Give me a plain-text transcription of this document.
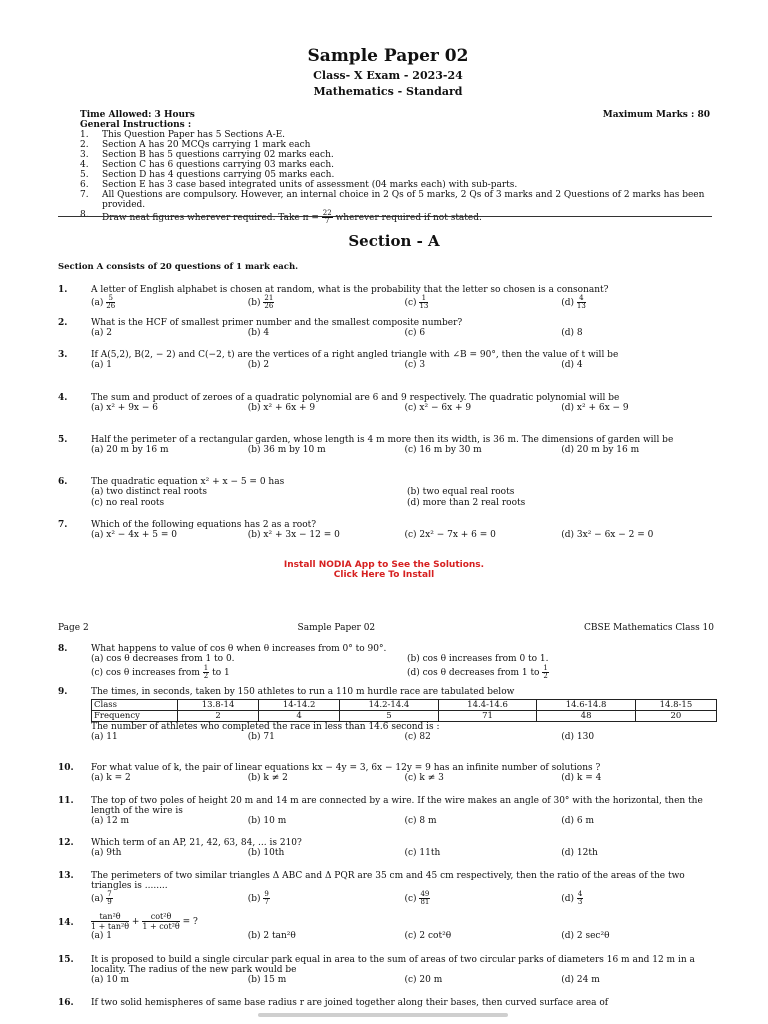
Sample Paper 02
Class- X Exam - 2023-24
Mathematics - Standard
Time Allowed: 3 Hours	Maximum Marks : 80
General Instructions :
1.	This Question Paper has 5 Sections A-E.
2.	Section A has 20 MCQs carrying 1 mark each
3.	Section B has 5 questions carrying 02 marks each.
4.	Section C has 6 questions carrying 03 marks each.
5.	Section D has 4 questions carrying 05 marks each.
6.	Section E has 3 case based integrated units of assessment (04 marks each) with sub-parts.
7.	All Questions are compulsory. However, an internal choice in 2 Qs of 5 marks, 2 Qs of 3 marks and 2 Questions of 2 marks has been provided.
8.	Draw neat figures wherever required. Take $\pi = \frac{22}{7}$ wherever required if not stated.
Section - A
Section A consists of 20 questions of 1 mark each.
1.	A letter of English alphabet is chosen at random, what is the probability that the letter so chosen is a consonant?
$(a) \frac{5}{26}$	$(b) \frac{21}{26}$	$(c) \frac{1}{13}$	$(d) \frac{4}{13}$
2.	What is the HCF of smallest primer number and the smallest composite number?
(a) 2	(b) 4	(c) 6	(d) 8
3.	If A(5,2), B(2, − 2) and C(−2, t) are the vertices of a right angled triangle with ∠B = 90°, then the value of t will be
(a) 1	(b) 2	(c) 3	(d) 4
4.	The sum and product of zeroes of a quadratic polynomial are 6 and 9 respectively. The quadratic polynomial will be
(a) x² + 9x − 6	(b) x² + 6x + 9	(c) x² − 6x + 9	(d) x² + 6x − 9
5.	Half the perimeter of a rectangular garden, whose length is 4 m more then its width, is 36 m. The dimensions of garden will be
(a) 20 m by 16 m	(b) 36 m by 10 m	(c) 16 m by 30 m	(d) 20 m by 16 m
6.	The quadratic equation x² + x − 5 = 0 has
(a) two distinct real roots	(b) two equal real roots
(c) no real roots	(d) more than 2 real roots
7.	Which of the following equations has 2 as a root?
(a) x² − 4x + 5 = 0	(b) x² + 3x − 12 = 0	(c) 2x² − 7x + 6 = 0	(d) 3x² − 6x − 2 = 0
Install NODIA App to See the Solutions.
Click Here To Install
Page 2	Sample Paper 02	CBSE Mathematics Class 10
8.	What happens to value of cos θ when θ increases from 0° to 90°.
(a) cos θ decreases from 1 to 0.	(b) cos θ increases from 0 to 1.
(c) cos θ increases from $\frac{1}{2}$ to 1	(d) cos θ decreases from 1 to $\frac{1}{2}$
9.	The times, in seconds, taken by 150 athletes to run a 110 m hurdle race are tabulated below
Class	13.8-14	14-14.2	14.2-14.4	14.4-14.6	14.6-14.8	14.8-15
Frequency	2	4	5	71	48	20
The number of athletes who completed the race in less than 14.6 second is :
(a) 11	(b) 71	(c) 82	(d) 130
10. For what value of k, the pair of linear equations kx − 4y = 3, 6x − 12y = 9 has an infinite number of solutions ?
(a) k = 2	(b) k ≠ 2	(c) k ≠ 3	(d) k = 4
11. The top of two poles of height 20 m and 14 m are connected by a wire. If the wire makes an angle of 30° with the horizontal, then the length of the wire is
(a) 12 m	(b) 10 m	(c) 8 m	(d) 6 m
12. Which term of an AP, 21, 42, 63, 84, ... is 210?
(a) 9th	(b) 10th	(c) 11th	(d) 12th
13. The perimeters of two similar triangles Δ ABC and Δ PQR are 35 cm and 45 cm respectively, then the ratio of the areas of the two triangles is ........
$(a) \frac{7}{9}$	$(b) \frac{9}{7}$	$(c) \frac{49}{81}$	$(d) \frac{4}{3}$
14. $\frac{\text{tan²θ}}{\text{1 + tan²θ}} + \frac{\text{cot²θ}}{\text{1 + cot²θ}}$ = ?
(a) 1	(b) 2 tan²θ	(c) 2 cot²θ	(d) 2 sec²θ
15. It is proposed to build a single circular park equal in area to the sum of areas of two circular parks of diameters 16 m and 12 m in a locality. The radius of the new park would be
(a) 10 m	(b) 15 m	(c) 20 m	(d) 24 m
16. If two solid hemispheres of same base radius r are joined together along their bases, then curved surface area of
